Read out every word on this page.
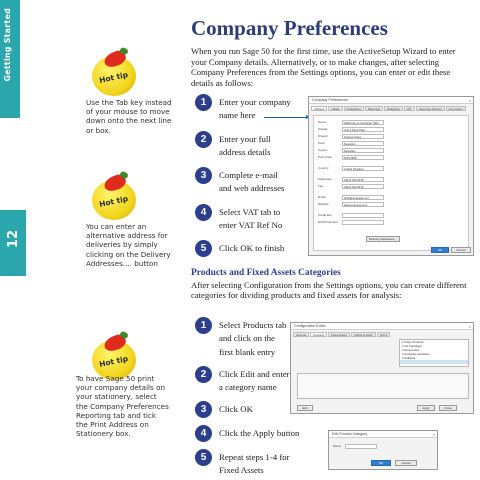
Getting Started
12
Hot tip
Use the Tab key instead
of your mouse to move
down onto the next line
or box.
Hot tip
You can enter an
alternative address for
deliveries by simply
clicking on the Delivery
Addresses.... button
Hot tip
To have Sage 50 print
your company details on
your stationery, select
the Company Preferences
Reporting tab and tick
the Print Address on
Stationery box.
Company Preferences
When you run Sage 50 for the first time, use the ActiveSetup Wizard to enter your Company details. Alternatively, or to make changes, after selecting Company Preferences from the Settings options, you can enter or edit these details as follows:
1	Enter your company
name here
2	Enter your full
address details
3	Complete e-mail
and web addresses
4	Select VAT tab to
enter VAT Ref No
5	Click OK to finish
Company Preferences	×
Address	Labels	Parameters	Reporting	Budgeting	VAT	Sage Pay Account	Accountant
Name	Stationery & Computer Mart
Street1	Unit 1 Fleet Park
Street2	Orange Close
Town	Newtown
County	Newshire
Post Code	NW1 8RB
Country	United Kingdom
Telephone	01111 234 5678
Fax	01111 234 5679
Email	hello@example.com
Website	www.example.com
Credit Ref
DUNS Number
Delivery Addresses...
OK	Cancel
Products and Fixed Assets Categories
After selecting Configuration from the Settings options, you can create different categories for dividing products and fixed assets for analysis:
1	Select Products tab
and click on the
first blank entry
2	Click Edit and enter
a category name
3	Click OK
4	Click the Apply button
5	Repeat steps 1-4 for
Fixed Assets
Configuration Editor	×
General	Products	Fixed Assets	Charts of Accts	Terms
1 Paper Products
2 Ink Cartridges
3 Accessories
4 Computer Hardware
5 Software
Edit	Apply	Close
Edit Product Category	×
Name
OK	Cancel
